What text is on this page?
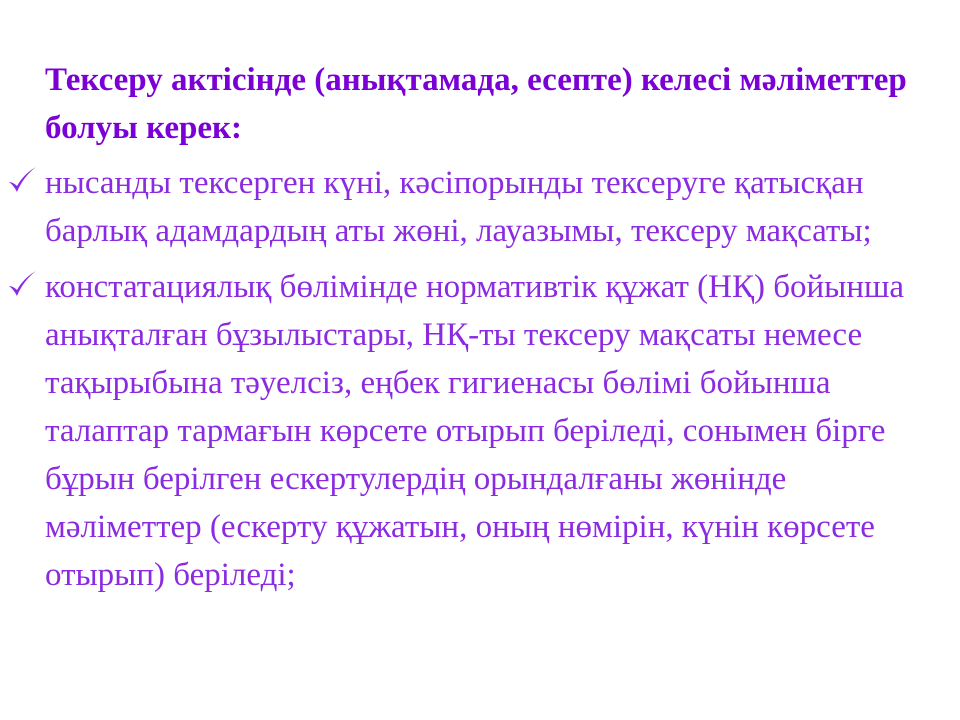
Тексеру актісінде (анықтамада, есепте) келесі мәліметтер болуы керек:

нысанды тексерген күні, кәсіпорынды тексеруге қатысқан барлық адамдардың аты жөні, лауазымы, тексеру мақсаты;
констатациялық бөлімінде нормативтік құжат (НҚ) бойынша анықталған бұзылыстары, НҚ-ты тексеру мақсаты немесе тақырыбына тәуелсіз, еңбек гигиенасы бөлімі бойынша талаптар тармағын көрсете отырып беріледі, сонымен бірге бұрын берілген ескертулердің орындалғаны жөнінде мәліметтер (ескерту құжатын, оның нөмірін, күнін көрсете отырып) беріледі;
